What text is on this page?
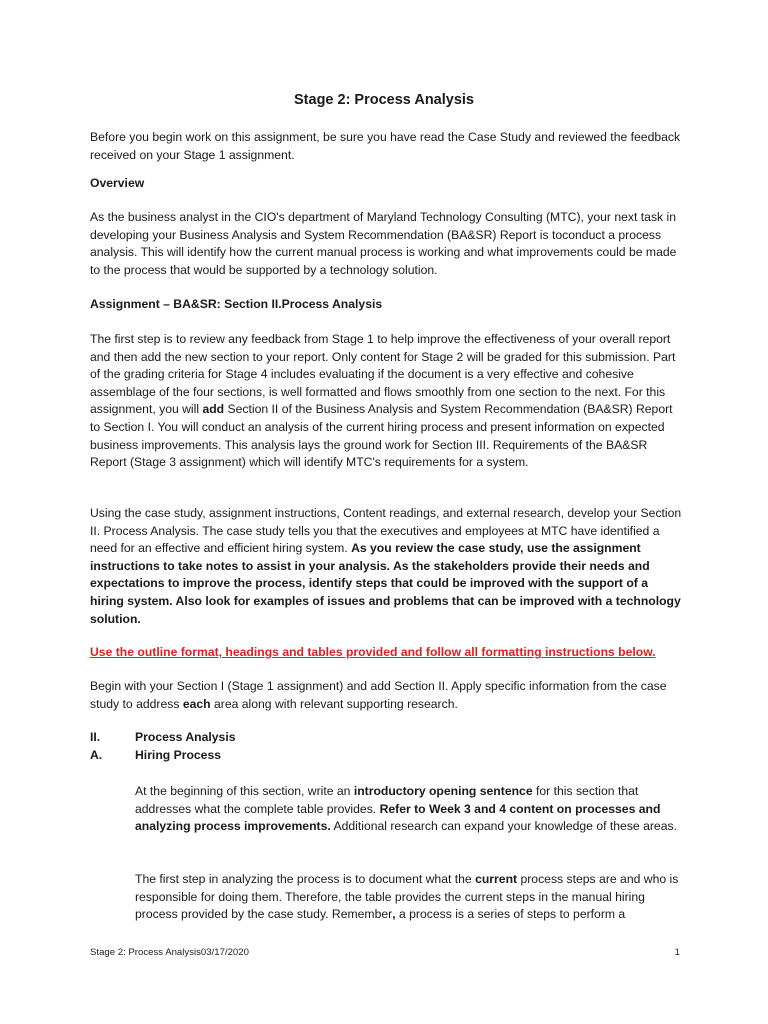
Stage 2: Process Analysis

Before you begin work on this assignment, be sure you have read the Case Study and reviewed the feedback received on your Stage 1 assignment.

Overview

As the business analyst in the CIO's department of Maryland Technology Consulting (MTC), your next task in developing your Business Analysis and System Recommendation (BA&SR) Report is toconduct a process analysis. This will identify how the current manual process is working and what improvements could be made to the process that would be supported by a technology solution.

Assignment – BA&SR: Section II.Process Analysis

The first step is to review any feedback from Stage 1 to help improve the effectiveness of your overall report and then add the new section to your report. Only content for Stage 2 will be graded for this submission. Part of the grading criteria for Stage 4 includes evaluating if the document is a very effective and cohesive assemblage of the four sections, is well formatted and flows smoothly from one section to the next. For this assignment, you will add Section II of the Business Analysis and System Recommendation (BA&SR) Report to Section I. You will conduct an analysis of the current hiring process and present information on expected business improvements. This analysis lays the ground work for Section III. Requirements of the BA&SR Report (Stage 3 assignment) which will identify MTC's requirements for a system.

Using the case study, assignment instructions, Content readings, and external research, develop your Section II. Process Analysis. The case study tells you that the executives and employees at MTC have identified a need for an effective and efficient hiring system. As you review the case study, use the assignment instructions to take notes to assist in your analysis. As the stakeholders provide their needs and expectations to improve the process, identify steps that could be improved with the support of a hiring system. Also look for examples of issues and problems that can be improved with a technology solution.

Use the outline format, headings and tables provided and follow all formatting instructions below.

Begin with your Section I (Stage 1 assignment) and add Section II. Apply specific information from the case study to address each area along with relevant supporting research.

II.	Process Analysis
A.	Hiring Process

At the beginning of this section, write an introductory opening sentence for this section that addresses what the complete table provides. Refer to Week 3 and 4 content on processes and analyzing process improvements. Additional research can expand your knowledge of these areas.

The first step in analyzing the process is to document what the current process steps are and who is responsible for doing them. Therefore, the table provides the current steps in the manual hiring process provided by the case study. Remember, a process is a series of steps to perform a

Stage 2: Process Analysis03/17/2020	1
